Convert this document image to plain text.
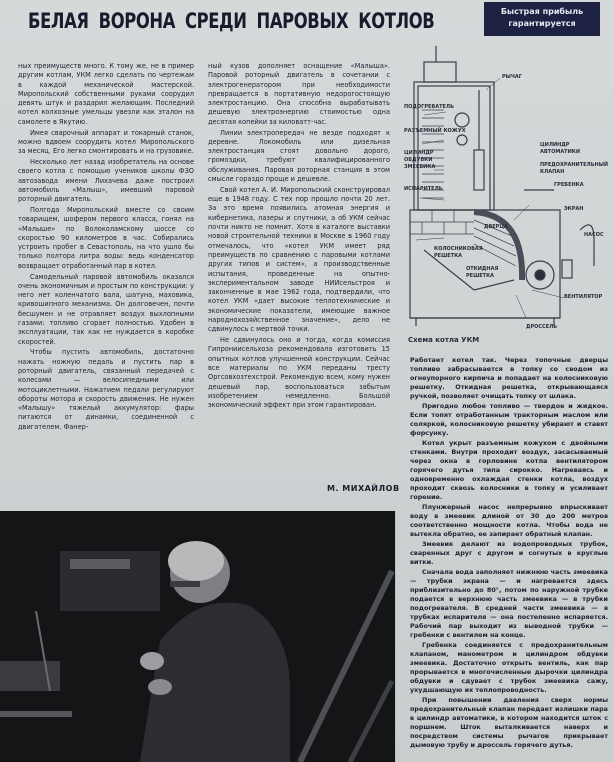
БЕЛАЯ ВОРОНА СРЕДИ ПАРОВЫХ КОТЛОВ	Быстрая прибыль
гарантируется

ных преимуществ много. К тому же, не в пример другим котлам, УКМ легко сделать по чертежам в каждой механической мастерской. Миропольский собственными руками соорудил девять штук и раздарил желающим. Последний котел колхозные умельцы увезли как эталон на самолете в Якутию.

Имея сварочный аппарат и токарный станок, можно вдвоем соорудить котел Миропольского за месяц. Его легко смонтировать и на грузовике.

Несколько лет назад изобретатель на основе своего котла с помощью учеников школы ФЗО автозавода имени Лихачева даже построил автомобиль «Малыш», имевший паровой роторный двигатель.

Полгода Миропольский вместе со своим товарищем, шофером первого класса, гонял на «Малыше» по Волоколамскому шоссе со скоростью 90 километров в час. Собирались устроить пробег в Севастополь, на что ушло бы только полтора литра воды: ведь конденсатор возвращает отработанный пар в котел.

Самодельный паровой автомобиль оказался очень экономичным и простым по конструкции: у него нет коленчатого вала, шатуна, маховика, кривошипного механизма. Он долговечен, почти бесшумен и не отравляет воздух выхлопными газами: топливо сгорает полностью. Удобен в эксплуатации, так как не нуждается в коробке скоростей.

Чтобы пустить автомобиль, достаточно нажать ножную педаль и пустить пар в роторный двигатель, связанный передачей с колесами — велосипедными или мотоциклетными. Нажатием педали регулируют обороты мотора и скорость движения. Не нужен «Малышу» тяжелый аккумулятор: фары питаются от динамки, соединенной с двигателем. Фанер-

ный кузов дополняет оснащение «Малыша». Паровой роторный двигатель в сочетании с электрогенератором при необходимости превращается в портативную недорогостоящую электростанцию. Она способна вырабатывать дешевую электроэнергию стоимостью одна десятая копейки за киловатт-час.

Линии электропередач не везде подходят к деревне. Локомобиль или дизельная электростанция стоят довольно дорого, громоздки, требуют квалифицированного обслуживания. Паровая роторная станция в этом смысле гораздо проще и дешевле.

Свой котел А. И. Миропольский сконструировал еще в 1948 году. С тех пор прошло почти 20 лет. За это время появились атомная энергия и кибернетика, лазеры и спутники, а об УКМ сейчас почти никто не помнит. Хотя в каталоге выставки новой строительной техники в Москве в 1960 году отмечалось, что «котел УКМ имеет ряд преимуществ по сравнению с паровыми котлами других типов и систем», а производственные испытания, проведенные на опытно-экспериментальном заводе НИИсельстроя и законченные в мае 1962 года, подтвердили, что котел УКМ «дает высокие теплотехнические и экономические показатели, имеющие важное народнохозяйственное значение», дело не сдвинулось с мертвой точки.

Не сдвинулось оно и тогда, когда комиссия Гипрониисельхоза рекомендовала изготовить 15 опытных котлов улучшенной конструкции. Сейчас все материалы по УКМ переданы тресту Оргсовхозтехстрой. Рекомендую всем, кому нужен дешевый пар, воспользоваться забытым изобретением немедленно. Большой экономический эффект при этом гарантирован.

М. МИХАЙЛОВ
РЫЧАГ
ПОДОГРЕВАТЕЛЬ
РАЗЪЕМНЫЙ КОЖУХ
ЦИЛИНДР
ОБДУВКИ
ЗМЕЕВИКА
ИСПАРИТЕЛЬ
ЦИЛИНДР
АВТОМАТИКИ
ПРЕДОХРАНИТЕЛЬНЫЙ
КЛАПАН
ГРЕБЕНКА
ЭКРАН
ДВЕРЦА
КОЛОСНИКОВАЯ
РЕШЕТКА
ОТКИДНАЯ
РЕШЕТКА
НАСОС
ВЕНТИЛЯТОР
ДРОССЕЛЬ
Схема котла УКМ

Работает котел так. Через топочные дверцы топливо забрасывается в топку со сводом из огнеупорного кирпича и попадает на колосниковую решетку. Откидная решетка, открывающаяся ручкой, позволяет очищать топку от шлака.

Пригодно любое топливо — твердое и жидкое. Если топят отработанным тракторным маслом или соляркой, колосниковую решетку убирают и ставят форсунку.

Котел укрыт разъемным кожухом с двойными стенками. Внутри проходит воздух, засасываемый через окна в горловине котла вентилятором горячего дутья типа сирокко. Нагреваясь и одновременно охлаждая стенки котла, воздух проходит сквозь колосники в топку и усиливает горение.

Плунжерный насос непрерывно впрыскивает воду в змеевик длиной от 30 до 200 метров соответственно мощности котла. Чтобы вода не вытекла обратно, ее запирает обратный клапан.

Змеевик делают из водопроводных трубок, сваренных друг с другом и согнутых в круглые витки.

Сначала вода заполняет нижнюю часть змеевика — трубки экрана — и нагревается здесь приблизительно до 80°, потом по наружной трубке подается в верхнюю часть змеевика — в трубки подогревателя. В средней части змеевика — в трубках испарителя — она постепенно испаряется. Рабочий пар выходит из выводной трубки — гребенки с вентилем на конце.

Гребенка соединяется с предохранительным клапаном, манометром и цилиндром обдувки змеевика. Достаточно открыть вентиль, как пар прорывается в многочисленные дырочки цилиндра обдувки и сдувает с трубок змеевика сажу, ухудшающую их теплопроводность.

При повышении давления сверх нормы предохранительный клапан передает излишки пара в цилиндр автоматики, в котором находится шток с поршнем. Шток выталкивается наверх и посредством системы рычагов прикрывает дымовую трубу и дроссель горячего дутья.
